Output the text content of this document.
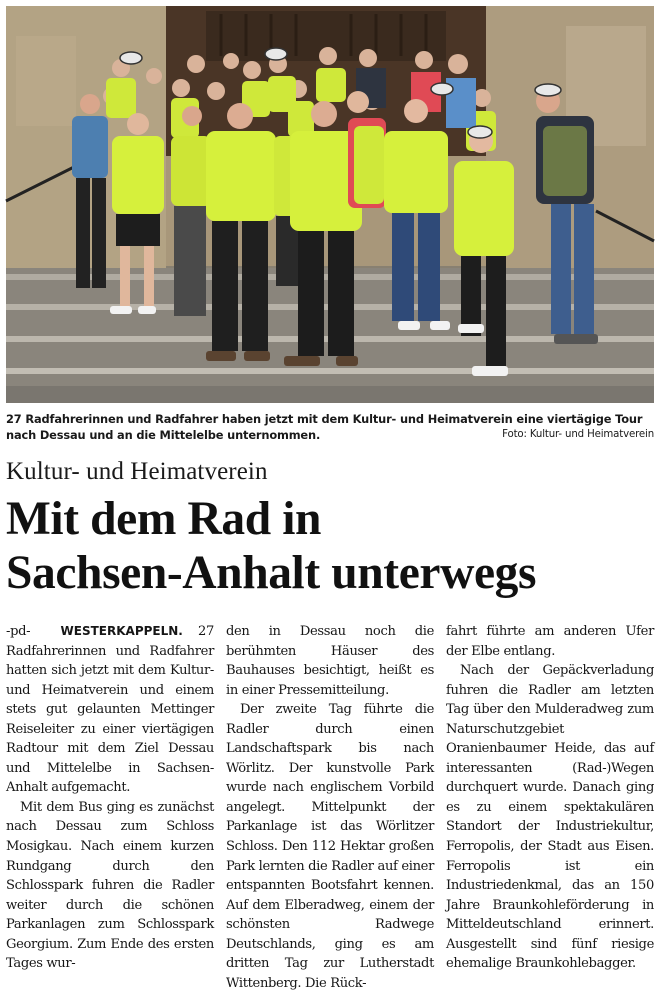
27 Radfahrerinnen und Radfahrer haben jetzt mit dem Kultur- und Heimatverein eine viertägige Tour nach Dessau und an die Mittelelbe unternommen.	Foto: Kultur- und Heimatverein
Kultur- und Heimatverein
Mit dem Rad in
Sachsen-Anhalt unterwegs

-pd-	WESTERKAPPELN. 27 Radfahrerinnen und Radfahrer hatten sich jetzt mit dem Kultur- und Heimatverein und einem stets gut gelaunten Mettinger Reiseleiter zu einer viertägigen Radtour mit dem Ziel Dessau und Mittelelbe in Sachsen-Anhalt aufgemacht.

Mit dem Bus ging es zunächst nach Dessau zum Schloss Mosigkau. Nach einem kurzen Rundgang durch den Schlosspark fuhren die Radler weiter durch die schönen Parkanlagen zum Schlosspark Georgium. Zum Ende des ersten Tages wur-

den in Dessau noch die berühmten Häuser des Bauhauses besichtigt, heißt es in einer Pressemitteilung.

Der zweite Tag führte die Radler durch einen Landschaftspark bis nach Wörlitz. Der kunstvolle Park wurde nach englischem Vorbild angelegt. Mittelpunkt der Parkanlage ist das Wörlitzer Schloss. Den 112 Hektar großen Park lernten die Radler auf einer entspannten Bootsfahrt kennen. Auf dem Elberadweg, einem der schönsten Radwege Deutschlands, ging es am dritten Tag zur Lutherstadt Wittenberg. Die Rück-

fahrt führte am anderen Ufer der Elbe entlang.

Nach der Gepäckverladung fuhren die Radler am letzten Tag über den Mulderadweg zum Naturschutzgebiet Oranienbaumer Heide, das auf interessanten (Rad-)Wegen durchquert wurde. Danach ging es zu einem spektakulären Standort der Industriekultur, Ferropolis, der Stadt aus Eisen. Ferropolis ist ein Industriedenkmal, das an 150 Jahre Braunkohleförderung in Mitteldeutschland erinnert. Ausgestellt sind fünf riesige ehemalige Braunkohlebagger.
